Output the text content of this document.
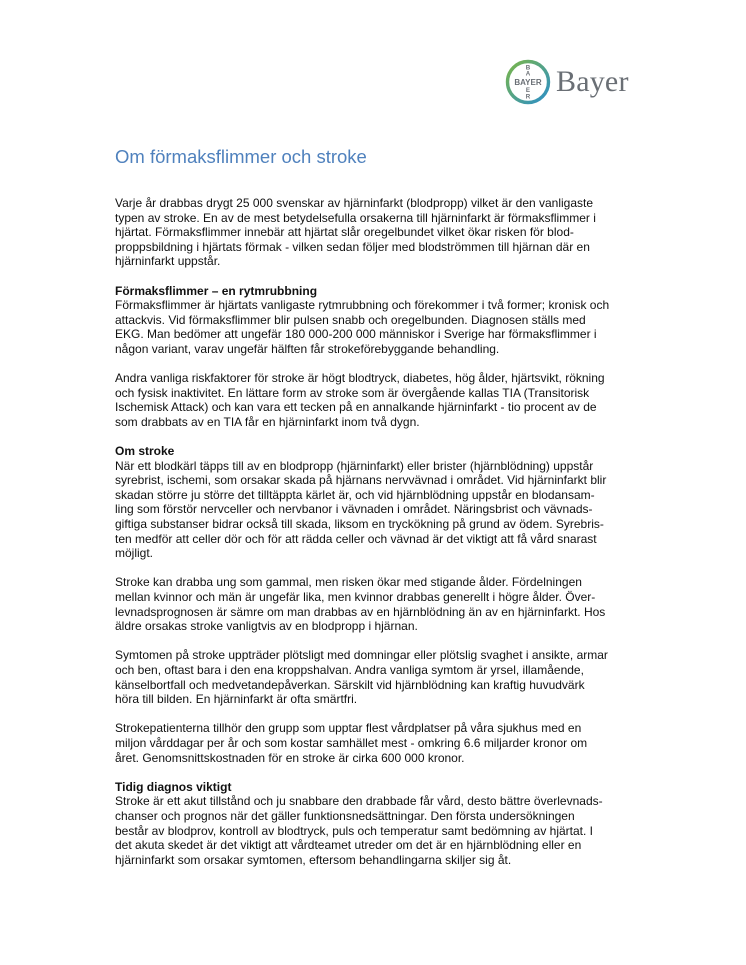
BAYER
B
A
E
R Bayer
Om förmaksflimmer och stroke
Varje år drabbas drygt 25 000 svenskar av hjärninfarkt (blodpropp) vilket är den vanligaste
typen av stroke. En av de mest betydelsefulla orsakerna till hjärninfarkt är förmaksflimmer i
hjärtat. Förmaksflimmer innebär att hjärtat slår oregelbundet vilket ökar risken för blod-
proppsbildning i hjärtats förmak - vilken sedan följer med blodströmmen till hjärnan där en
hjärninfarkt uppstår.
Förmaksflimmer – en rytmrubbning
Förmaksflimmer är hjärtats vanligaste rytmrubbning och förekommer i två former; kronisk och
attackvis. Vid förmaksflimmer blir pulsen snabb och oregelbunden. Diagnosen ställs med
EKG. Man bedömer att ungefär 180 000-200 000 människor i Sverige har förmaksflimmer i
någon variant, varav ungefär hälften får strokeförebyggande behandling.
Andra vanliga riskfaktorer för stroke är högt blodtryck, diabetes, hög ålder, hjärtsvikt, rökning
och fysisk inaktivitet. En lättare form av stroke som är övergående kallas TIA (Transitorisk
Ischemisk Attack) och kan vara ett tecken på en annalkande hjärninfarkt - tio procent av de
som drabbats av en TIA får en hjärninfarkt inom två dygn.
Om stroke
När ett blodkärl täpps till av en blodpropp (hjärninfarkt) eller brister (hjärnblödning) uppstår
syrebrist, ischemi, som orsakar skada på hjärnans nervvävnad i området. Vid hjärninfarkt blir
skadan större ju större det tilltäppta kärlet är, och vid hjärnblödning uppstår en blodansam-
ling som förstör nervceller och nervbanor i vävnaden i området. Näringsbrist och vävnads-
giftiga substanser bidrar också till skada, liksom en tryckökning på grund av ödem. Syrebris-
ten medför att celler dör och för att rädda celler och vävnad är det viktigt att få vård snarast
möjligt.
Stroke kan drabba ung som gammal, men risken ökar med stigande ålder. Fördelningen
mellan kvinnor och män är ungefär lika, men kvinnor drabbas generellt i högre ålder. Över-
levnadsprognosen är sämre om man drabbas av en hjärnblödning än av en hjärninfarkt. Hos
äldre orsakas stroke vanligtvis av en blodpropp i hjärnan.
Symtomen på stroke uppträder plötsligt med domningar eller plötslig svaghet i ansikte, armar
och ben, oftast bara i den ena kroppshalvan. Andra vanliga symtom är yrsel, illamående,
känselbortfall och medvetandepåverkan. Särskilt vid hjärnblödning kan kraftig huvudvärk
höra till bilden. En hjärninfarkt är ofta smärtfri.
Strokepatienterna tillhör den grupp som upptar flest vårdplatser på våra sjukhus med en
miljon vårddagar per år och som kostar samhället mest - omkring 6.6 miljarder kronor om
året. Genomsnittskostnaden för en stroke är cirka 600 000 kronor.
Tidig diagnos viktigt
Stroke är ett akut tillstånd och ju snabbare den drabbade får vård, desto bättre överlevnads-
chanser och prognos när det gäller funktionsnedsättningar. Den första undersökningen
består av blodprov, kontroll av blodtryck, puls och temperatur samt bedömning av hjärtat. I
det akuta skedet är det viktigt att vårdteamet utreder om det är en hjärnblödning eller en
hjärninfarkt som orsakar symtomen, eftersom behandlingarna skiljer sig åt.
